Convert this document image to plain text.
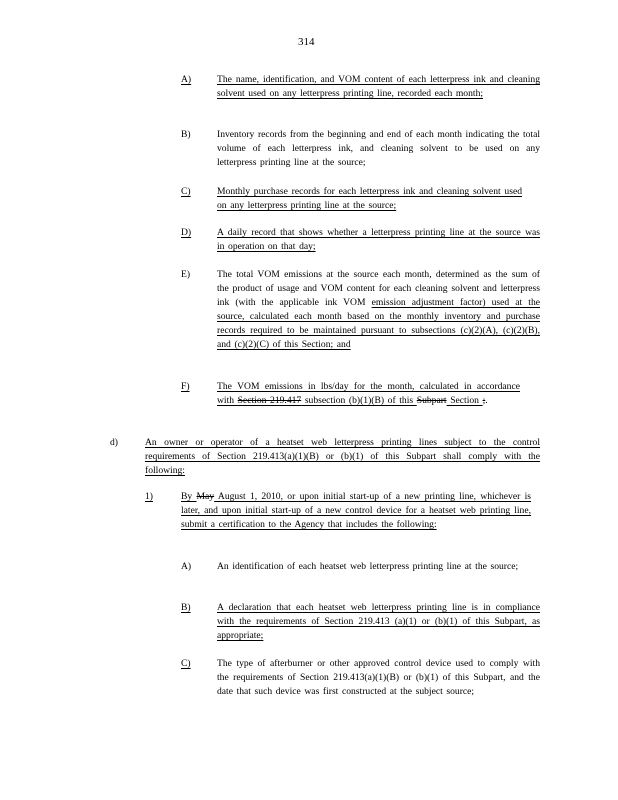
314
A)	The name, identification, and VOM content of each letterpress ink and cleaning solvent used on any letterpress printing line, recorded each month;
B)	Inventory records from the beginning and end of each month indicating the total volume of each letterpress ink, and cleaning solvent to be used on any letterpress printing line at the source;
C)	Monthly purchase records for each letterpress ink and cleaning solvent used on any letterpress printing line at the source;
D)	A daily record that shows whether a letterpress printing line at the source was in operation on that day;
E)	The total VOM emissions at the source each month, determined as the sum of the product of usage and VOM content for each cleaning solvent and letterpress ink (with the applicable ink VOM emission adjustment factor) used at the source, calculated each month based on the monthly inventory and purchase records required to be maintained pursuant to subsections (c)(2)(A), (c)(2)(B), and (c)(2)(C) of this Section; and
F)	The VOM emissions in lbs/day for the month, calculated in accordance with Section 219.417 subsection (b)(1)(B) of this Subpart Section ;.
d)	An owner or operator of a heatset web letterpress printing lines subject to the control requirements of Section 219.413(a)(1)(B) or (b)(1) of this Subpart shall comply with the following:
1)	By May August 1, 2010, or upon initial start-up of a new printing line, whichever is later, and upon initial start-up of a new control device for a heatset web printing line, submit a certification to the Agency that includes the following:
A)	An identification of each heatset web letterpress printing line at the source;
B)	A declaration that each heatset web letterpress printing line is in compliance with the requirements of Section 219.413 (a)(1) or (b)(1) of this Subpart, as appropriate;
C)	The type of afterburner or other approved control device used to comply with the requirements of Section 219.413(a)(1)(B) or (b)(1) of this Subpart, and the date that such device was first constructed at the subject source;
